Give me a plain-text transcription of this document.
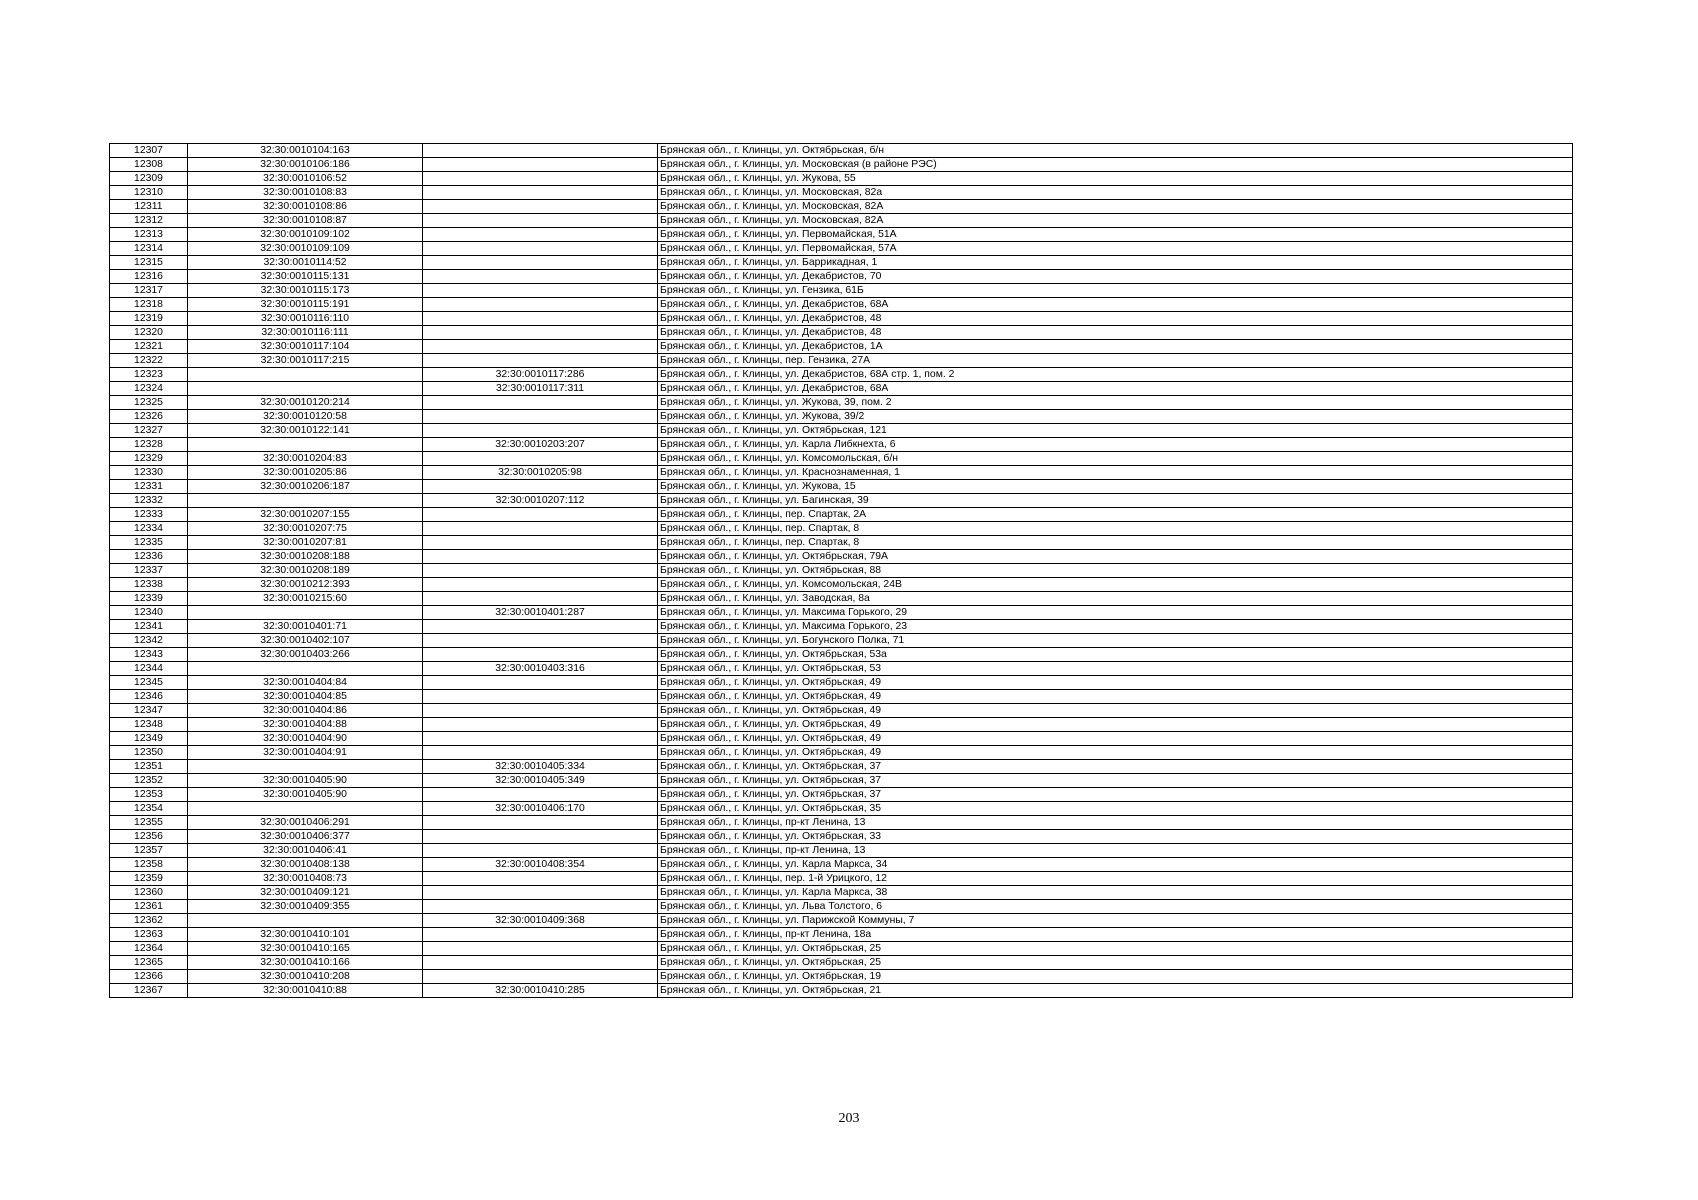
12307	32:30:0010104:163		Брянская обл., г. Клинцы, ул. Октябрьская, б/н
12308	32:30:0010106:186		Брянская обл., г. Клинцы, ул. Московская (в районе РЭС)
12309	32:30:0010106:52		Брянская обл., г. Клинцы, ул. Жукова, 55
12310	32:30:0010108:83		Брянская обл., г. Клинцы, ул. Московская, 82а
12311	32:30:0010108:86		Брянская обл., г. Клинцы, ул. Московская, 82А
12312	32:30:0010108:87		Брянская обл., г. Клинцы, ул. Московская, 82А
12313	32:30:0010109:102		Брянская обл., г. Клинцы, ул. Первомайская, 51А
12314	32:30:0010109:109		Брянская обл., г. Клинцы, ул. Первомайская, 57А
12315	32:30:0010114:52		Брянская обл., г. Клинцы, ул. Баррикадная, 1
12316	32:30:0010115:131		Брянская обл., г. Клинцы, ул. Декабристов, 70
12317	32:30:0010115:173		Брянская обл., г. Клинцы, ул. Гензика, 61Б
12318	32:30:0010115:191		Брянская обл., г. Клинцы, ул. Декабристов, 68А
12319	32:30:0010116:110		Брянская обл., г. Клинцы, ул. Декабристов, 48
12320	32:30:0010116:111		Брянская обл., г. Клинцы, ул. Декабристов, 48
12321	32:30:0010117:104		Брянская обл., г. Клинцы, ул. Декабристов, 1А
12322	32:30:0010117:215		Брянская обл., г. Клинцы, пер. Гензика, 27А
12323		32:30:0010117:286	Брянская обл., г. Клинцы, ул. Декабристов, 68А стр. 1, пом. 2
12324		32:30:0010117:311	Брянская обл., г. Клинцы, ул. Декабристов, 68А
12325	32:30:0010120:214		Брянская обл., г. Клинцы, ул. Жукова, 39, пом. 2
12326	32:30:0010120:58		Брянская обл., г. Клинцы, ул. Жукова, 39/2
12327	32:30:0010122:141		Брянская обл., г. Клинцы, ул. Октябрьская, 121
12328		32:30:0010203:207	Брянская обл., г. Клинцы, ул. Карла Либкнехта, 6
12329	32:30:0010204:83		Брянская обл., г. Клинцы, ул. Комсомольская, б/н
12330	32:30:0010205:86	32:30:0010205:98	Брянская обл., г. Клинцы, ул. Краснознаменная, 1
12331	32:30:0010206:187		Брянская обл., г. Клинцы, ул. Жукова, 15
12332		32:30:0010207:112	Брянская обл., г. Клинцы, ул. Багинская, 39
12333	32:30:0010207:155		Брянская обл., г. Клинцы, пер. Спартак, 2А
12334	32:30:0010207:75		Брянская обл., г. Клинцы, пер. Спартак, 8
12335	32:30:0010207:81		Брянская обл., г. Клинцы, пер. Спартак, 8
12336	32:30:0010208:188		Брянская обл., г. Клинцы, ул. Октябрьская, 79А
12337	32:30:0010208:189		Брянская обл., г. Клинцы, ул. Октябрьская, 88
12338	32:30:0010212:393		Брянская обл., г. Клинцы, ул. Комсомольская, 24В
12339	32:30:0010215:60		Брянская обл., г. Клинцы, ул. Заводская, 8а
12340		32:30:0010401:287	Брянская обл., г. Клинцы, ул. Максима Горького, 29
12341	32:30:0010401:71		Брянская обл., г. Клинцы, ул. Максима Горького, 23
12342	32:30:0010402:107		Брянская обл., г. Клинцы, ул. Богунского Полка, 71
12343	32:30:0010403:266		Брянская обл., г. Клинцы, ул. Октябрьская, 53а
12344		32:30:0010403:316	Брянская обл., г. Клинцы, ул. Октябрьская, 53
12345	32:30:0010404:84		Брянская обл., г. Клинцы, ул. Октябрьская, 49
12346	32:30:0010404:85		Брянская обл., г. Клинцы, ул. Октябрьская, 49
12347	32:30:0010404:86		Брянская обл., г. Клинцы, ул. Октябрьская, 49
12348	32:30:0010404:88		Брянская обл., г. Клинцы, ул. Октябрьская, 49
12349	32:30:0010404:90		Брянская обл., г. Клинцы, ул. Октябрьская, 49
12350	32:30:0010404:91		Брянская обл., г. Клинцы, ул. Октябрьская, 49
12351		32:30:0010405:334	Брянская обл., г. Клинцы, ул. Октябрьская, 37
12352	32:30:0010405:90	32:30:0010405:349	Брянская обл., г. Клинцы, ул. Октябрьская, 37
12353	32:30:0010405:90		Брянская обл., г. Клинцы, ул. Октябрьская, 37
12354		32:30:0010406:170	Брянская обл., г. Клинцы, ул. Октябрьская, 35
12355	32:30:0010406:291		Брянская обл., г. Клинцы, пр-кт Ленина, 13
12356	32:30:0010406:377		Брянская обл., г. Клинцы, ул. Октябрьская, 33
12357	32:30:0010406:41		Брянская обл., г. Клинцы, пр-кт Ленина, 13
12358	32:30:0010408:138	32:30:0010408:354	Брянская обл., г. Клинцы, ул. Карла Маркса, 34
12359	32:30:0010408:73		Брянская обл., г. Клинцы, пер. 1-й Урицкого, 12
12360	32:30:0010409:121		Брянская обл., г. Клинцы, ул. Карла Маркса, 38
12361	32:30:0010409:355		Брянская обл., г. Клинцы, ул. Льва Толстого, 6
12362		32:30:0010409:368	Брянская обл., г. Клинцы, ул. Парижской Коммуны, 7
12363	32:30:0010410:101		Брянская обл., г. Клинцы, пр-кт Ленина, 18а
12364	32:30:0010410:165		Брянская обл., г. Клинцы, ул. Октябрьская, 25
12365	32:30:0010410:166		Брянская обл., г. Клинцы, ул. Октябрьская, 25
12366	32:30:0010410:208		Брянская обл., г. Клинцы, ул. Октябрьская, 19
12367	32:30:0010410:88	32:30:0010410:285	Брянская обл., г. Клинцы, ул. Октябрьская, 21
203
